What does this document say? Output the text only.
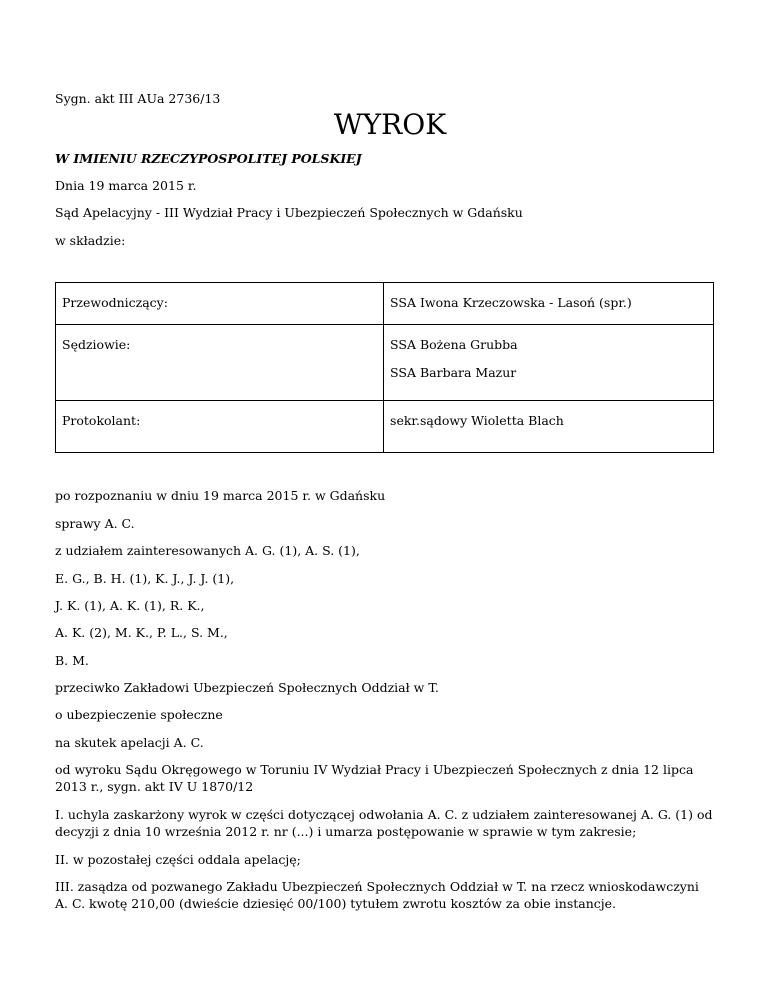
Sygn. akt III AUa 2736/13
WYROK
W IMIENIU RZECZYPOSPOLITEJ POLSKIEJ
Dnia 19 marca 2015 r.
Sąd Apelacyjny - III Wydział Pracy i Ubezpieczeń Społecznych w Gdańsku
w składzie:
Przewodniczący:	SSA Iwona Krzeczowska - Lasoń (spr.)

Sędziowie:	SSA Bożena Grubba
SSA Barbara Mazur

Protokolant:	sekr.sądowy Wioletta Blach
po rozpoznaniu w dniu 19 marca 2015 r. w Gdańsku
sprawy A. C.
z udziałem zainteresowanych A. G. (1), A. S. (1),
E. G., B. H. (1), K. J., J. J. (1),
J. K. (1), A. K. (1), R. K.,
A. K. (2), M. K., P. L., S. M.,
B. M.
przeciwko Zakładowi Ubezpieczeń Społecznych Oddział w T.
o ubezpieczenie społeczne
na skutek apelacji A. C.
od wyroku Sądu Okręgowego w Toruniu IV Wydział Pracy i Ubezpieczeń Społecznych z dnia 12 lipca 2013 r., sygn. akt IV U 1870/12
I. uchyla zaskarżony wyrok w części dotyczącej odwołania A. C. z udziałem zainteresowanej A. G. (1) od decyzji z dnia 10 września 2012 r. nr (...) i umarza postępowanie w sprawie w tym zakresie;
II. w pozostałej części oddala apelację;
III. zasądza od pozwanego Zakładu Ubezpieczeń Społecznych Oddział w T. na rzecz wnioskodawczyni A. C. kwotę 210,00 (dwieście dziesięć 00/100) tytułem zwrotu kosztów za obie instancje.
